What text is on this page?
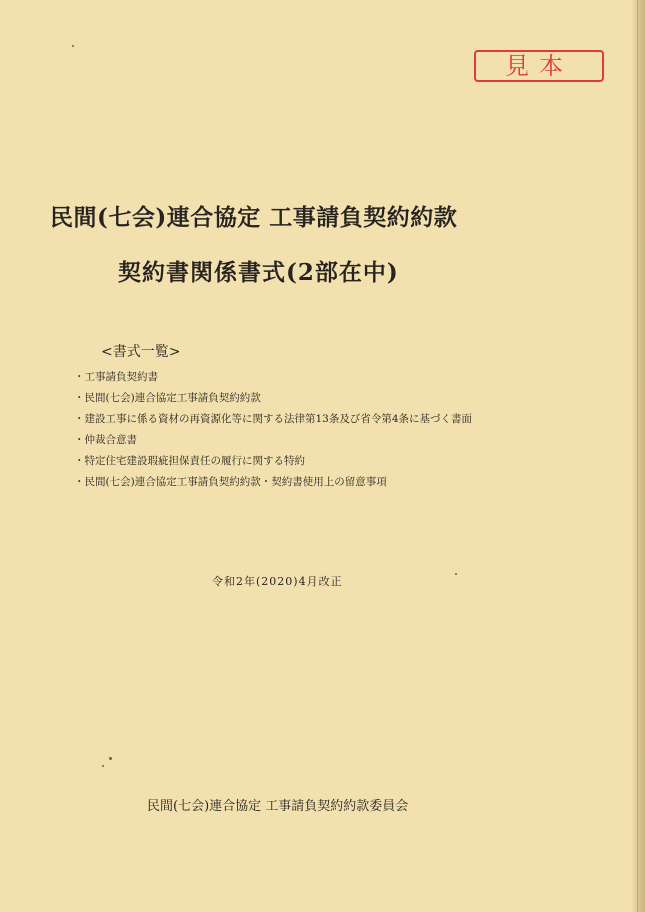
見本
民間(七会)連合協定 工事請負契約約款
契約書関係書式(2部在中)
<書式一覧>
・ 工事請負契約書
・ 民間(七会)連合協定工事請負契約約款
・ 建設工事に係る資材の再資源化等に関する法律第13条及び省令第4条に基づく書面
・ 仲裁合意書
・ 特定住宅建設瑕疵担保責任の履行に関する特約
・ 民間(七会)連合協定工事請負契約約款・契約書使用上の留意事項
令和2年(2020)4月改正
民間(七会)連合協定 工事請負契約約款委員会
